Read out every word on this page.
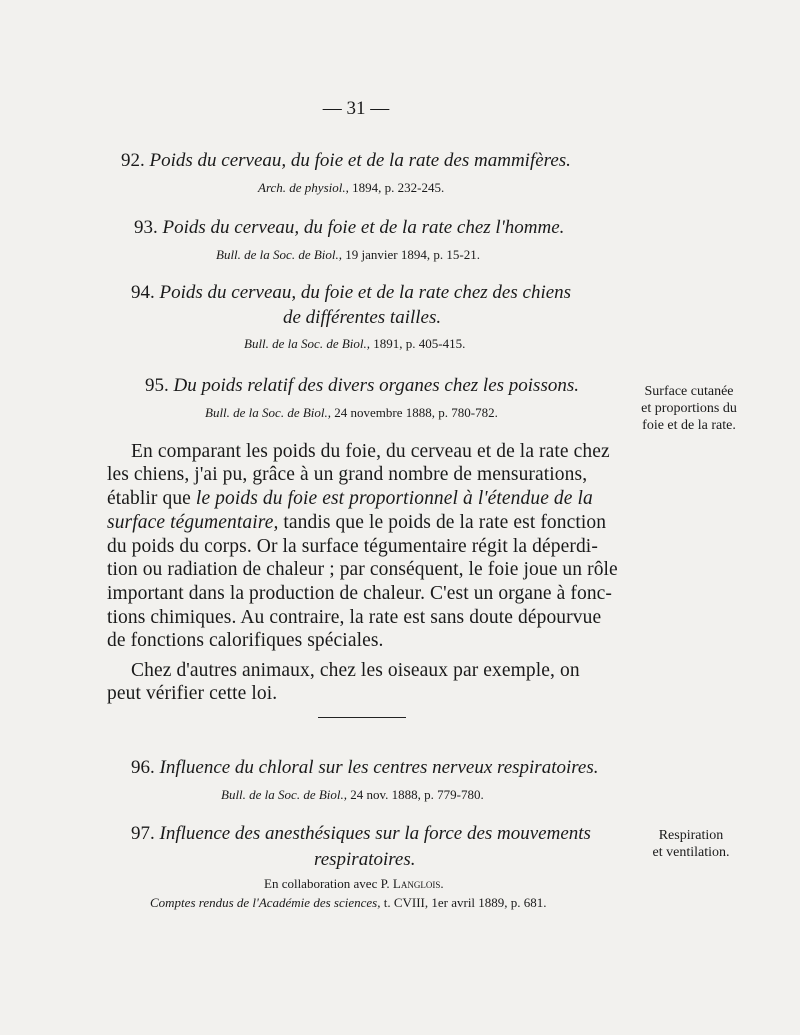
— 31 —
92. Poids du cerveau, du foie et de la rate des mammifères.
Arch. de physiol., 1894, p. 232-245.
93. Poids du cerveau, du foie et de la rate chez l'homme.
Bull. de la Soc. de Biol., 19 janvier 1894, p. 15-21.
94. Poids du cerveau, du foie et de la rate chez des chiens
de différentes tailles.
Bull. de la Soc. de Biol., 1891, p. 405-415.
95. Du poids relatif des divers organes chez les poissons.
Bull. de la Soc. de Biol., 24 novembre 1888, p. 780-782.
Surface cutanée
et proportions du
foie et de la rate.
En comparant les poids du foie, du cerveau et de la rate chez
les chiens, j'ai pu, grâce à un grand nombre de mensurations,
établir que le poids du foie est proportionnel à l'étendue de la
surface tégumentaire, tandis que le poids de la rate est fonction
du poids du corps. Or la surface tégumentaire régit la déperdi-
tion ou radiation de chaleur ; par conséquent, le foie joue un rôle
important dans la production de chaleur. C'est un organe à fonc-
tions chimiques. Au contraire, la rate est sans doute dépourvue
de fonctions calorifiques spéciales.
Chez d'autres animaux, chez les oiseaux par exemple, on
peut vérifier cette loi.
96. Influence du chloral sur les centres nerveux respiratoires.
Bull. de la Soc. de Biol., 24 nov. 1888, p. 779-780.
97. Influence des anesthésiques sur la force des mouvements
respiratoires.
En collaboration avec P. Langlois.
Comptes rendus de l'Académie des sciences, t. CVIII, 1er avril 1889, p. 681.
Respiration
et ventilation.
